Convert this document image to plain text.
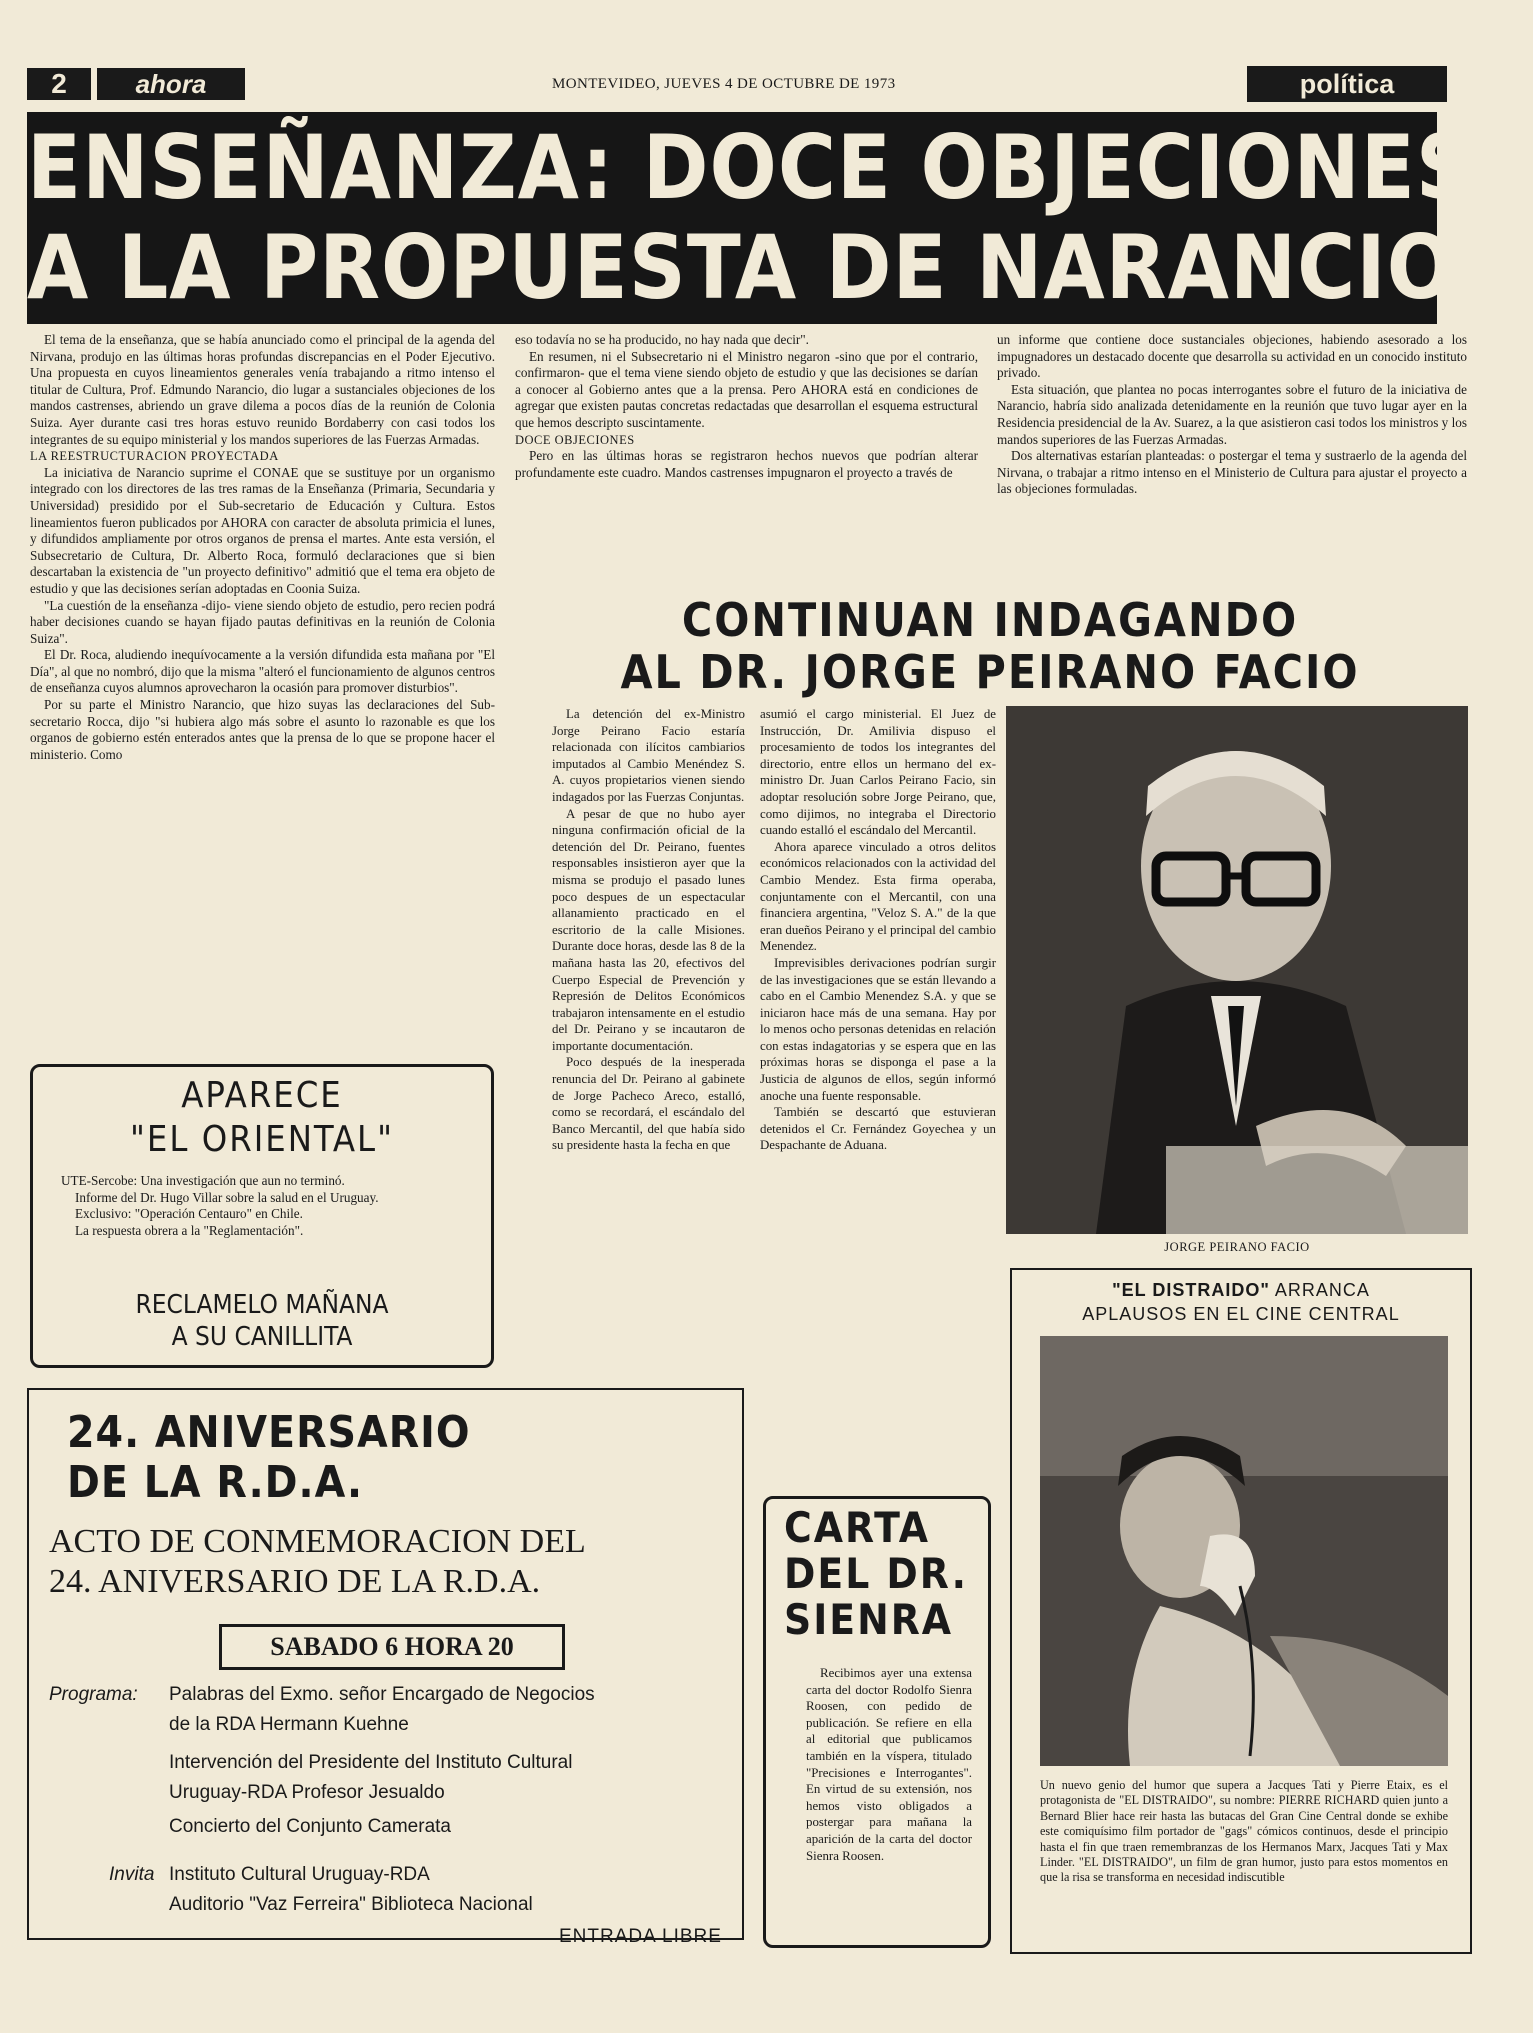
2	ahora	MONTEVIDEO, JUEVES 4 DE OCTUBRE DE 1973	política
ENSEÑANZA: DOCE OBJECIONES
A LA PROPUESTA DE NARANCIO

El tema de la enseñanza, que se había anunciado como el principal de la agenda del Nirvana, produjo en las últimas horas profundas discrepancias en el Poder Ejecutivo. Una propuesta en cuyos lineamientos generales venía trabajando a ritmo intenso el titular de Cultura, Prof. Edmundo Narancio, dio lugar a sustanciales objeciones de los mandos castrenses, abriendo un grave dilema a pocos días de la reunión de Colonia Suiza. Ayer durante casi tres horas estuvo reunido Bordaberry con casi todos los integrantes de su equipo ministerial y los mandos superiores de las Fuerzas Armadas.

LA REESTRUCTURACION PROYECTADA

La iniciativa de Narancio suprime el CONAE que se sustituye por un organismo integrado con los directores de las tres ramas de la Enseñanza (Primaria, Secundaria y Universidad) presidido por el Sub-secretario de Educación y Cultura. Estos lineamientos fueron publicados por AHORA con caracter de absoluta primicia el lunes, y difundidos ampliamente por otros organos de prensa el martes. Ante esta versión, el Subsecretario de Cultura, Dr. Alberto Roca, formuló declaraciones que si bien descartaban la existencia de "un proyecto definitivo" admitió que el tema era objeto de estudio y que las decisiones serían adoptadas en Coonia Suiza.

"La cuestión de la enseñanza -dijo- viene siendo objeto de estudio, pero recien podrá haber decisiones cuando se hayan fijado pautas definitivas en la reunión de Colonia Suiza".

El Dr. Roca, aludiendo inequívocamente a la versión difundida esta mañana por "El Día", al que no nombró, dijo que la misma "alteró el funcionamiento de algunos centros de enseñanza cuyos alumnos aprovecharon la ocasión para promover disturbios".

Por su parte el Ministro Narancio, que hizo suyas las declaraciones del Sub-secretario Rocca, dijo "si hubiera algo más sobre el asunto lo razonable es que los organos de gobierno estén enterados antes que la prensa de lo que se propone hacer el ministerio. Como

eso todavía no se ha producido, no hay nada que decir".

En resumen, ni el Subsecretario ni el Ministro negaron -sino que por el contrario, confirmaron- que el tema viene siendo objeto de estudio y que las decisiones se darían a conocer al Gobierno antes que a la prensa. Pero AHORA está en condiciones de agregar que existen pautas concretas redactadas que desarrollan el esquema estructural que hemos descripto suscintamente.

DOCE OBJECIONES

Pero en las últimas horas se registraron hechos nuevos que podrían alterar profundamente este cuadro. Mandos castrenses impugnaron el proyecto a través de

un informe que contiene doce sustanciales objeciones, habiendo asesorado a los impugnadores un destacado docente que desarrolla su actividad en un conocido instituto privado.

Esta situación, que plantea no pocas interrogantes sobre el futuro de la iniciativa de Narancio, habría sido analizada detenidamente en la reunión que tuvo lugar ayer en la Residencia presidencial de la Av. Suarez, a la que asistieron casi todos los ministros y los mandos superiores de las Fuerzas Armadas.

Dos alternativas estarían planteadas: o postergar el tema y sustraerlo de la agenda del Nirvana, o trabajar a ritmo intenso en el Ministerio de Cultura para ajustar el proyecto a las objeciones formuladas.

CONTINUAN INDAGANDO
AL DR. JORGE PEIRANO FACIO

La detención del ex-Ministro Jorge Peirano Facio estaría relacionada con ilícitos cambiarios imputados al Cambio Menéndez S. A. cuyos propietarios vienen siendo indagados por las Fuerzas Conjuntas.

A pesar de que no hubo ayer ninguna confirmación oficial de la detención del Dr. Peirano, fuentes responsables insistieron ayer que la misma se produjo el pasado lunes poco despues de un espectacular allanamiento practicado en el escritorio de la calle Misiones. Durante doce horas, desde las 8 de la mañana hasta las 20, efectivos del Cuerpo Especial de Prevención y Represión de Delitos Económicos trabajaron intensamente en el estudio del Dr. Peirano y se incautaron de importante documentación.

Poco después de la inesperada renuncia del Dr. Peirano al gabinete de Jorge Pacheco Areco, estalló, como se recordará, el escándalo del Banco Mercantil, del que había sido su presidente hasta la fecha en que

asumió el cargo ministerial. El Juez de Instrucción, Dr. Amilivia dispuso el procesamiento de todos los integrantes del directorio, entre ellos un hermano del ex-ministro Dr. Juan Carlos Peirano Facio, sin adoptar resolución sobre Jorge Peirano, que, como dijimos, no integraba el Directorio cuando estalló el escándalo del Mercantil.

Ahora aparece vinculado a otros delitos económicos relacionados con la actividad del Cambio Mendez. Esta firma operaba, conjuntamente con el Mercantil, con una financiera argentina, "Veloz S. A." de la que eran dueños Peirano y el principal del cambio Menendez.

Imprevisibles derivaciones podrían surgir de las investigaciones que se están llevando a cabo en el Cambio Menendez S.A. y que se iniciaron hace más de una semana. Hay por lo menos ocho personas detenidas en relación con estas indagatorias y se espera que en las próximas horas se disponga el pase a la Justicia de algunos de ellos, según informó anoche una fuente responsable.

También se descartó que estuvieran detenidos el Cr. Fernández Goyechea y un Despachante de Aduana.

JORGE PEIRANO FACIO
APARECE
"EL ORIENTAL"

UTE-Sercobe: Una investigación que aun no terminó.

Informe del Dr. Hugo Villar sobre la salud en el Uruguay.

Exclusivo: "Operación Centauro" en Chile.

La respuesta obrera a la "Reglamentación".

RECLAMELO MAÑANA
A SU CANILLITA
24. ANIVERSARIO
DE LA R.D.A.
ACTO DE CONMEMORACION DEL
24. ANIVERSARIO DE LA R.D.A.
SABADO 6 HORA 20
Programa: Palabras del Exmo. señor Encargado de Negocios
de la RDA Hermann Kuehne
Intervención del Presidente del Instituto Cultural
Uruguay-RDA Profesor Jesualdo
Concierto del Conjunto Camerata
Invita Instituto Cultural Uruguay-RDA
Auditorio "Vaz Ferreira" Biblioteca Nacional
ENTRADA LIBRE
CARTA
DEL DR.
SIENRA
Recibimos ayer una extensa carta del doctor Rodolfo Sienra Roosen, con pedido de publicación. Se refiere en ella al editorial que publicamos también en la víspera, titulado "Precisiones e Interrogantes". En virtud de su extensión, nos hemos visto obligados a postergar para mañana la aparición de la carta del doctor Sienra Roosen.
"EL DISTRAIDO" ARRANCA
APLAUSOS EN EL CINE CENTRAL
Un nuevo genio del humor que supera a Jacques Tati y Pierre Etaix, es el protagonista de "EL DISTRAIDO", su nombre: PIERRE RICHARD quien junto a Bernard Blier hace reir hasta las butacas del Gran Cine Central donde se exhibe este comiquísimo film portador de "gags" cómicos continuos, desde el principio hasta el fin que traen remembranzas de los Hermanos Marx, Jacques Tati y Max Linder. "EL DISTRAIDO", un film de gran humor, justo para estos momentos en que la risa se transforma en necesidad indiscutible
